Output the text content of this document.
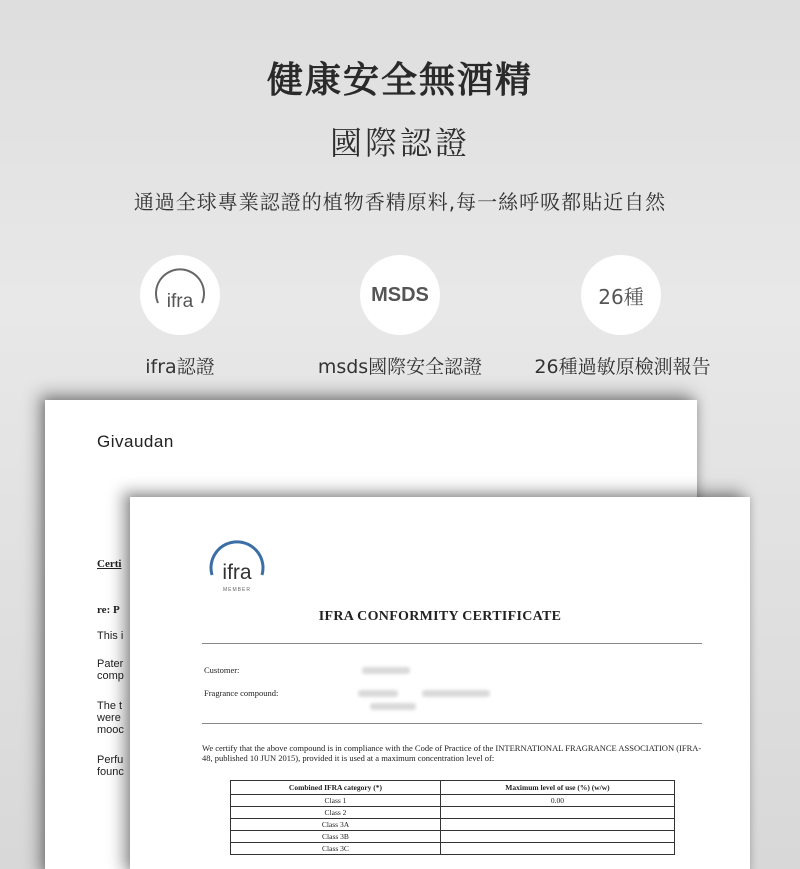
健康安全無酒精
國際認證
通過全球專業認證的植物香精原料,每一絲呼吸都貼近自然
ifra	MSDS	26種
ifra認證	msds國際安全認證	26種過敏原檢測報告
Givaudan
Certi
re: P
This i
Pater
comp
The t
were
mooc
Perfu
founc
ifra
MEMBER
IFRA CONFORMITY CERTIFICATE
Customer:
Fragrance compound:
We certify that the above compound is in compliance with the Code of Practice of the INTERNATIONAL FRAGRANCE ASSOCIATION (IFRA-48, published 10 JUN 2015), provided it is used at a maximum concentration level of:
Combined IFRA category (*)	Maximum level of use (%) (w/w)
Class 1	0.00
Class 2	
Class 3A	
Class 3B	
Class 3C	
